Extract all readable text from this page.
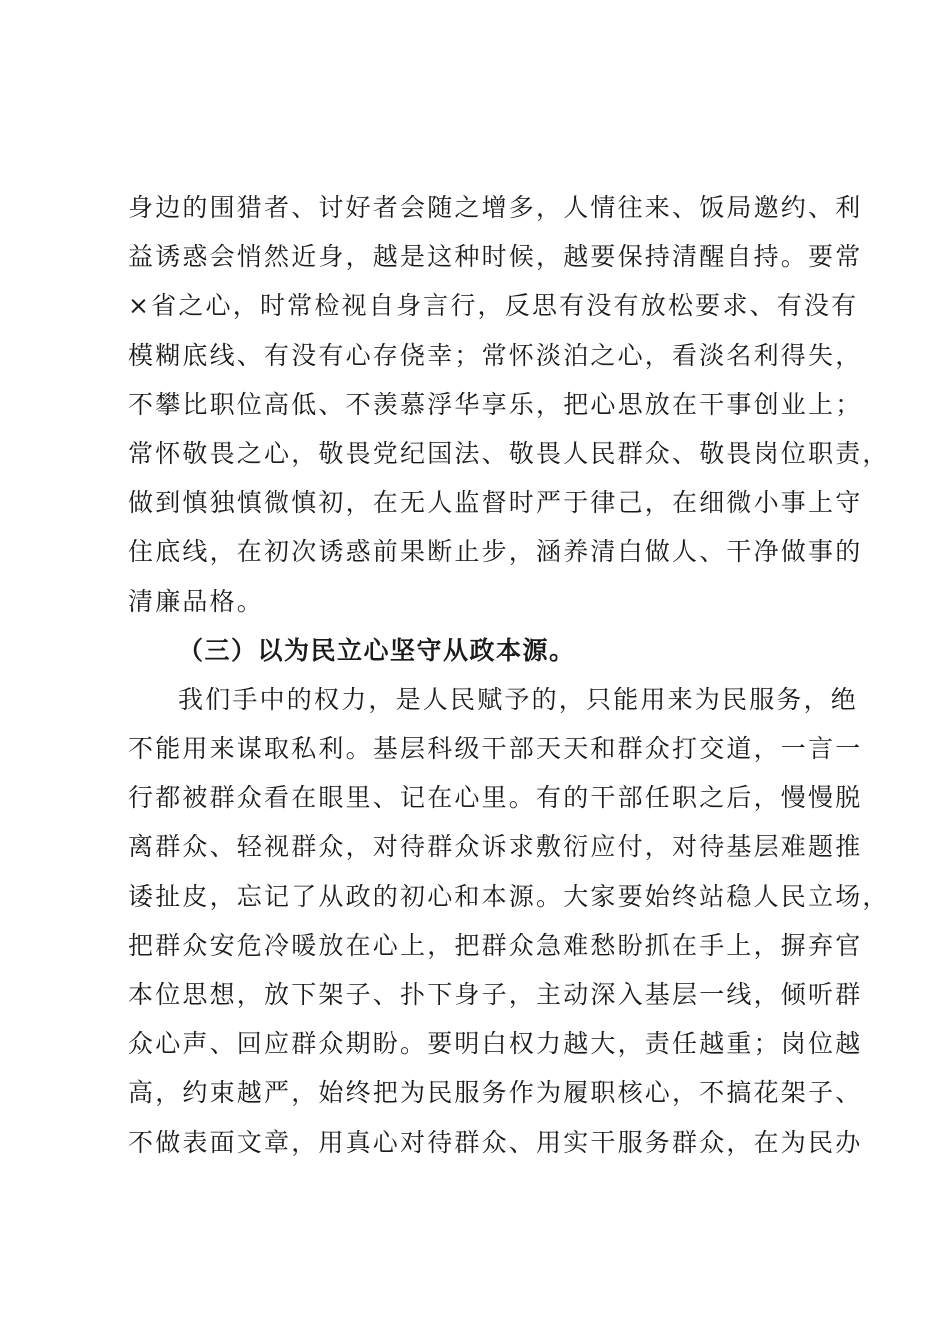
身边的围猎者、讨好者会随之增多，人情往来、饭局邀约、利
益诱惑会悄然近身，越是这种时候，越要保持清醒自持。要常
×省之心，时常检视自身言行，反思有没有放松要求、有没有
模糊底线、有没有心存侥幸；常怀淡泊之心，看淡名利得失，
不攀比职位高低、不羡慕浮华享乐，把心思放在干事创业上；
常怀敬畏之心，敬畏党纪国法、敬畏人民群众、敬畏岗位职责，
做到慎独慎微慎初，在无人监督时严于律己，在细微小事上守
住底线，在初次诱惑前果断止步，涵养清白做人、干净做事的
清廉品格。
（三）以为民立心坚守从政本源。
我们手中的权力，是人民赋予的，只能用来为民服务，绝
不能用来谋取私利。基层科级干部天天和群众打交道，一言一
行都被群众看在眼里、记在心里。有的干部任职之后，慢慢脱
离群众、轻视群众，对待群众诉求敷衍应付，对待基层难题推
诿扯皮，忘记了从政的初心和本源。大家要始终站稳人民立场，
把群众安危冷暖放在心上，把群众急难愁盼抓在手上，摒弃官
本位思想，放下架子、扑下身子，主动深入基层一线，倾听群
众心声、回应群众期盼。要明白权力越大，责任越重；岗位越
高，约束越严，始终把为民服务作为履职核心，不搞花架子、
不做表面文章，用真心对待群众、用实干服务群众，在为民办
